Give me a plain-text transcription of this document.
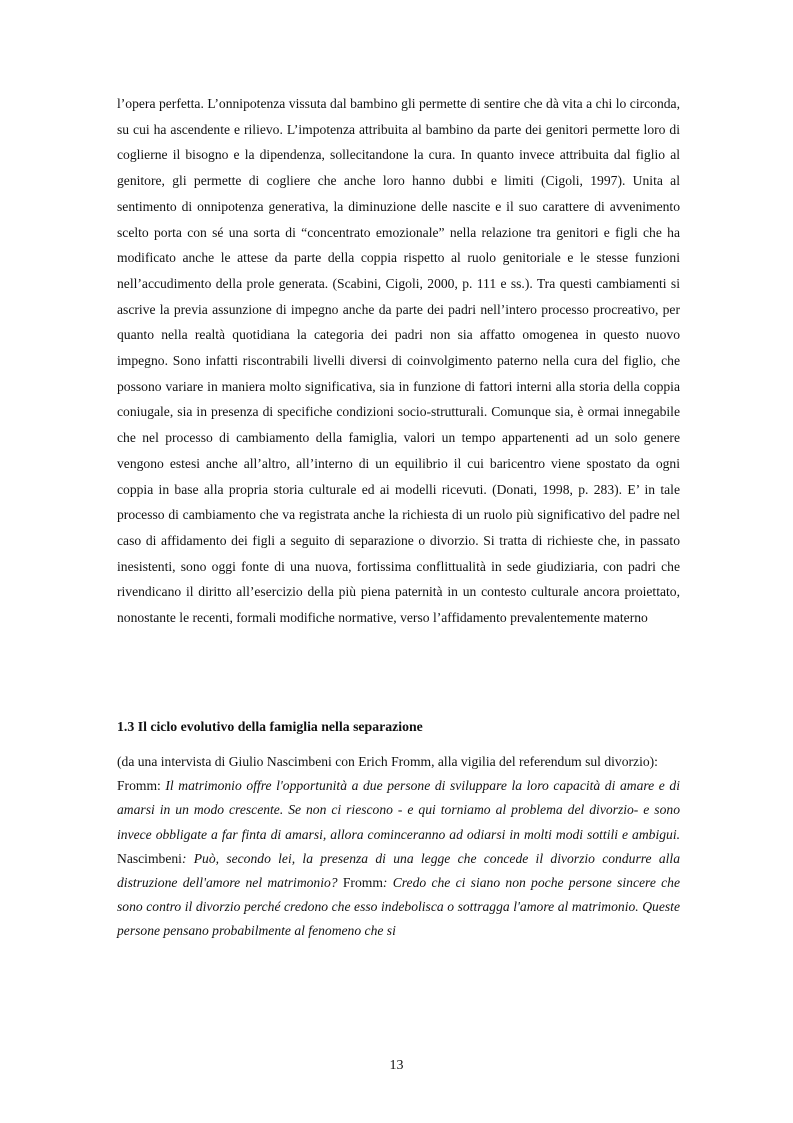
l’opera perfetta. L’onnipotenza vissuta dal bambino gli permette di sentire che dà vita a chi lo circonda, su cui ha ascendente e rilievo. L’impotenza attribuita al bambino da parte dei genitori permette loro di coglierne il bisogno e la dipendenza, sollecitandone la cura. In quanto invece attribuita dal figlio al genitore, gli permette di cogliere che anche loro hanno dubbi e limiti (Cigoli, 1997). Unita al sentimento di onnipotenza generativa, la diminuzione delle nascite e il suo carattere di avvenimento scelto porta con sé una sorta di “concentrato emozionale” nella relazione tra genitori e figli che ha modificato anche le attese da parte della coppia rispetto al ruolo genitoriale e le stesse funzioni nell’accudimento della prole generata. (Scabini, Cigoli, 2000, p. 111 e ss.). Tra questi cambiamenti si ascrive la previa assunzione di impegno anche da parte dei padri nell’intero processo procreativo, per quanto nella realtà quotidiana la categoria dei padri non sia affatto omogenea in questo nuovo impegno. Sono infatti riscontrabili livelli diversi di coinvolgimento paterno nella cura del figlio, che possono variare in maniera molto significativa, sia in funzione di fattori interni alla storia della coppia coniugale, sia in presenza di specifiche condizioni socio-strutturali. Comunque sia, è ormai innegabile che nel processo di cambiamento della famiglia, valori un tempo appartenenti ad un solo genere vengono estesi anche all’altro, all’interno di un equilibrio il cui baricentro viene spostato da ogni coppia in base alla propria storia culturale ed ai modelli ricevuti. (Donati, 1998, p. 283). E’ in tale processo di cambiamento che va registrata anche la richiesta di un ruolo più significativo del padre nel caso di affidamento dei figli a seguito di separazione o divorzio. Si tratta di richieste che, in passato inesistenti, sono oggi fonte di una nuova, fortissima conflittualità in sede giudiziaria, con padri che rivendicano il diritto all’esercizio della più piena paternità in un contesto culturale ancora proiettato, nonostante le recenti, formali modifiche normative, verso l’affidamento prevalentemente materno

1.3 Il ciclo evolutivo della famiglia nella separazione

(da una intervista di Giulio Nascimbeni con Erich Fromm, alla vigilia del referendum sul divorzio):

Fromm: Il matrimonio offre l'opportunità a due persone di sviluppare la loro capacità di amare e di amarsi in un modo crescente. Se non ci riescono - e qui torniamo al problema del divorzio- e sono invece obbligate a far finta di amarsi, allora cominceranno ad odiarsi in molti modi sottili e ambigui. Nascimbeni: Può, secondo lei, la presenza di una legge che concede il divorzio condurre alla distruzione dell'amore nel matrimonio? Fromm: Credo che ci siano non poche persone sincere che sono contro il divorzio perché credono che esso indebolisca o sottragga l'amore al matrimonio. Queste persone pensano probabilmente al fenomeno che si

13
